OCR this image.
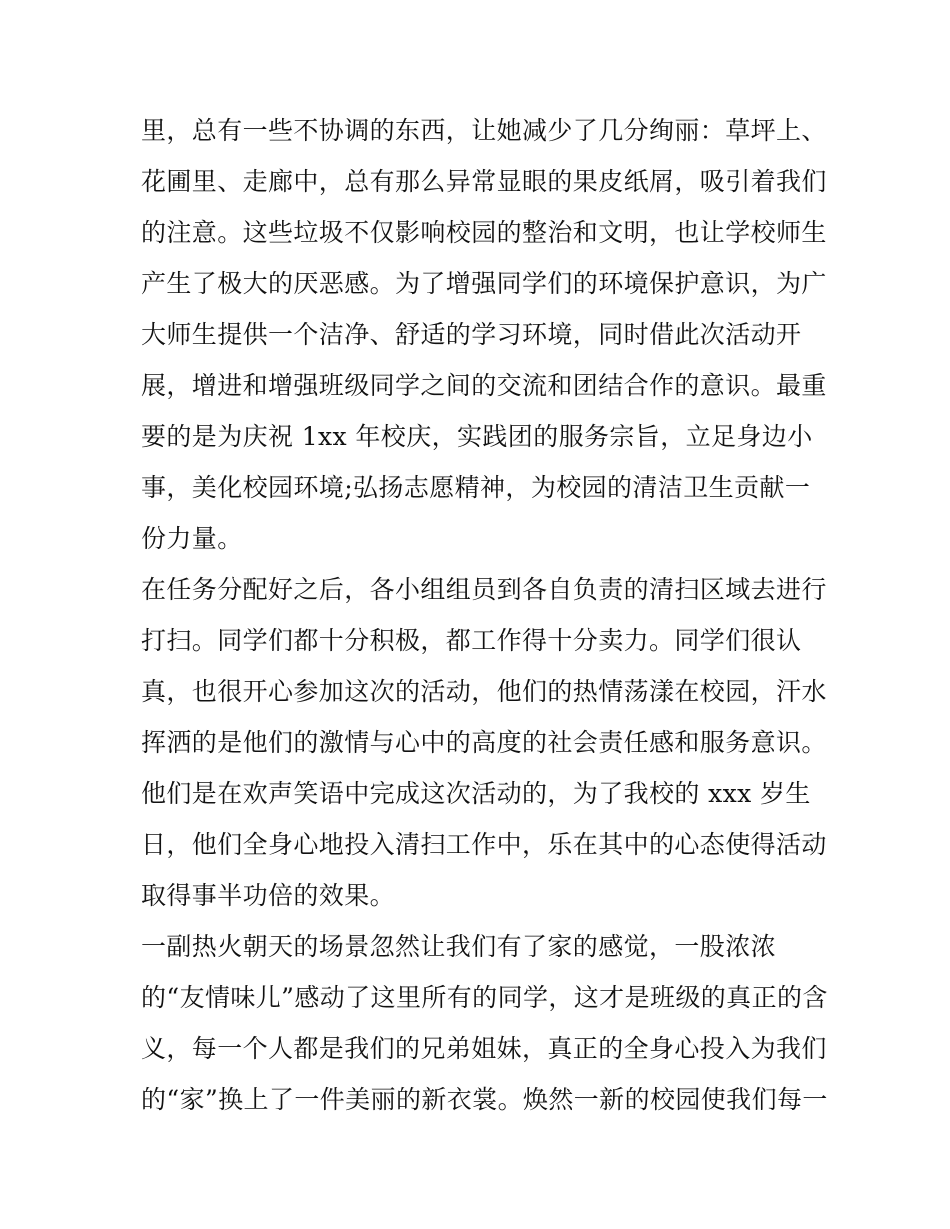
里，总有一些不协调的东西，让她减少了几分绚丽：草坪上、
花圃里、走廊中，总有那么异常显眼的果皮纸屑，吸引着我们
的注意。这些垃圾不仅影响校园的整治和文明，也让学校师生
产生了极大的厌恶感。为了增强同学们的环境保护意识，为广
大师生提供一个洁净、舒适的学习环境，同时借此次活动开
展，增进和增强班级同学之间的交流和团结合作的意识。最重
要的是为庆祝 1xx 年校庆，实践团的服务宗旨，立足身边小
事，美化校园环境;弘扬志愿精神，为校园的清洁卫生贡献一
份力量。
在任务分配好之后，各小组组员到各自负责的清扫区域去进行
打扫。同学们都十分积极，都工作得十分卖力。同学们很认
真，也很开心参加这次的活动，他们的热情荡漾在校园，汗水
挥洒的是他们的激情与心中的高度的社会责任感和服务意识。
他们是在欢声笑语中完成这次活动的，为了我校的 xxx 岁生
日，他们全身心地投入清扫工作中，乐在其中的心态使得活动
取得事半功倍的效果。
一副热火朝天的场景忽然让我们有了家的感觉，一股浓浓
的“友情味儿”感动了这里所有的同学，这才是班级的真正的含
义，每一个人都是我们的兄弟姐妹，真正的全身心投入为我们
的“家”换上了一件美丽的新衣裳。焕然一新的校园使我们每一
